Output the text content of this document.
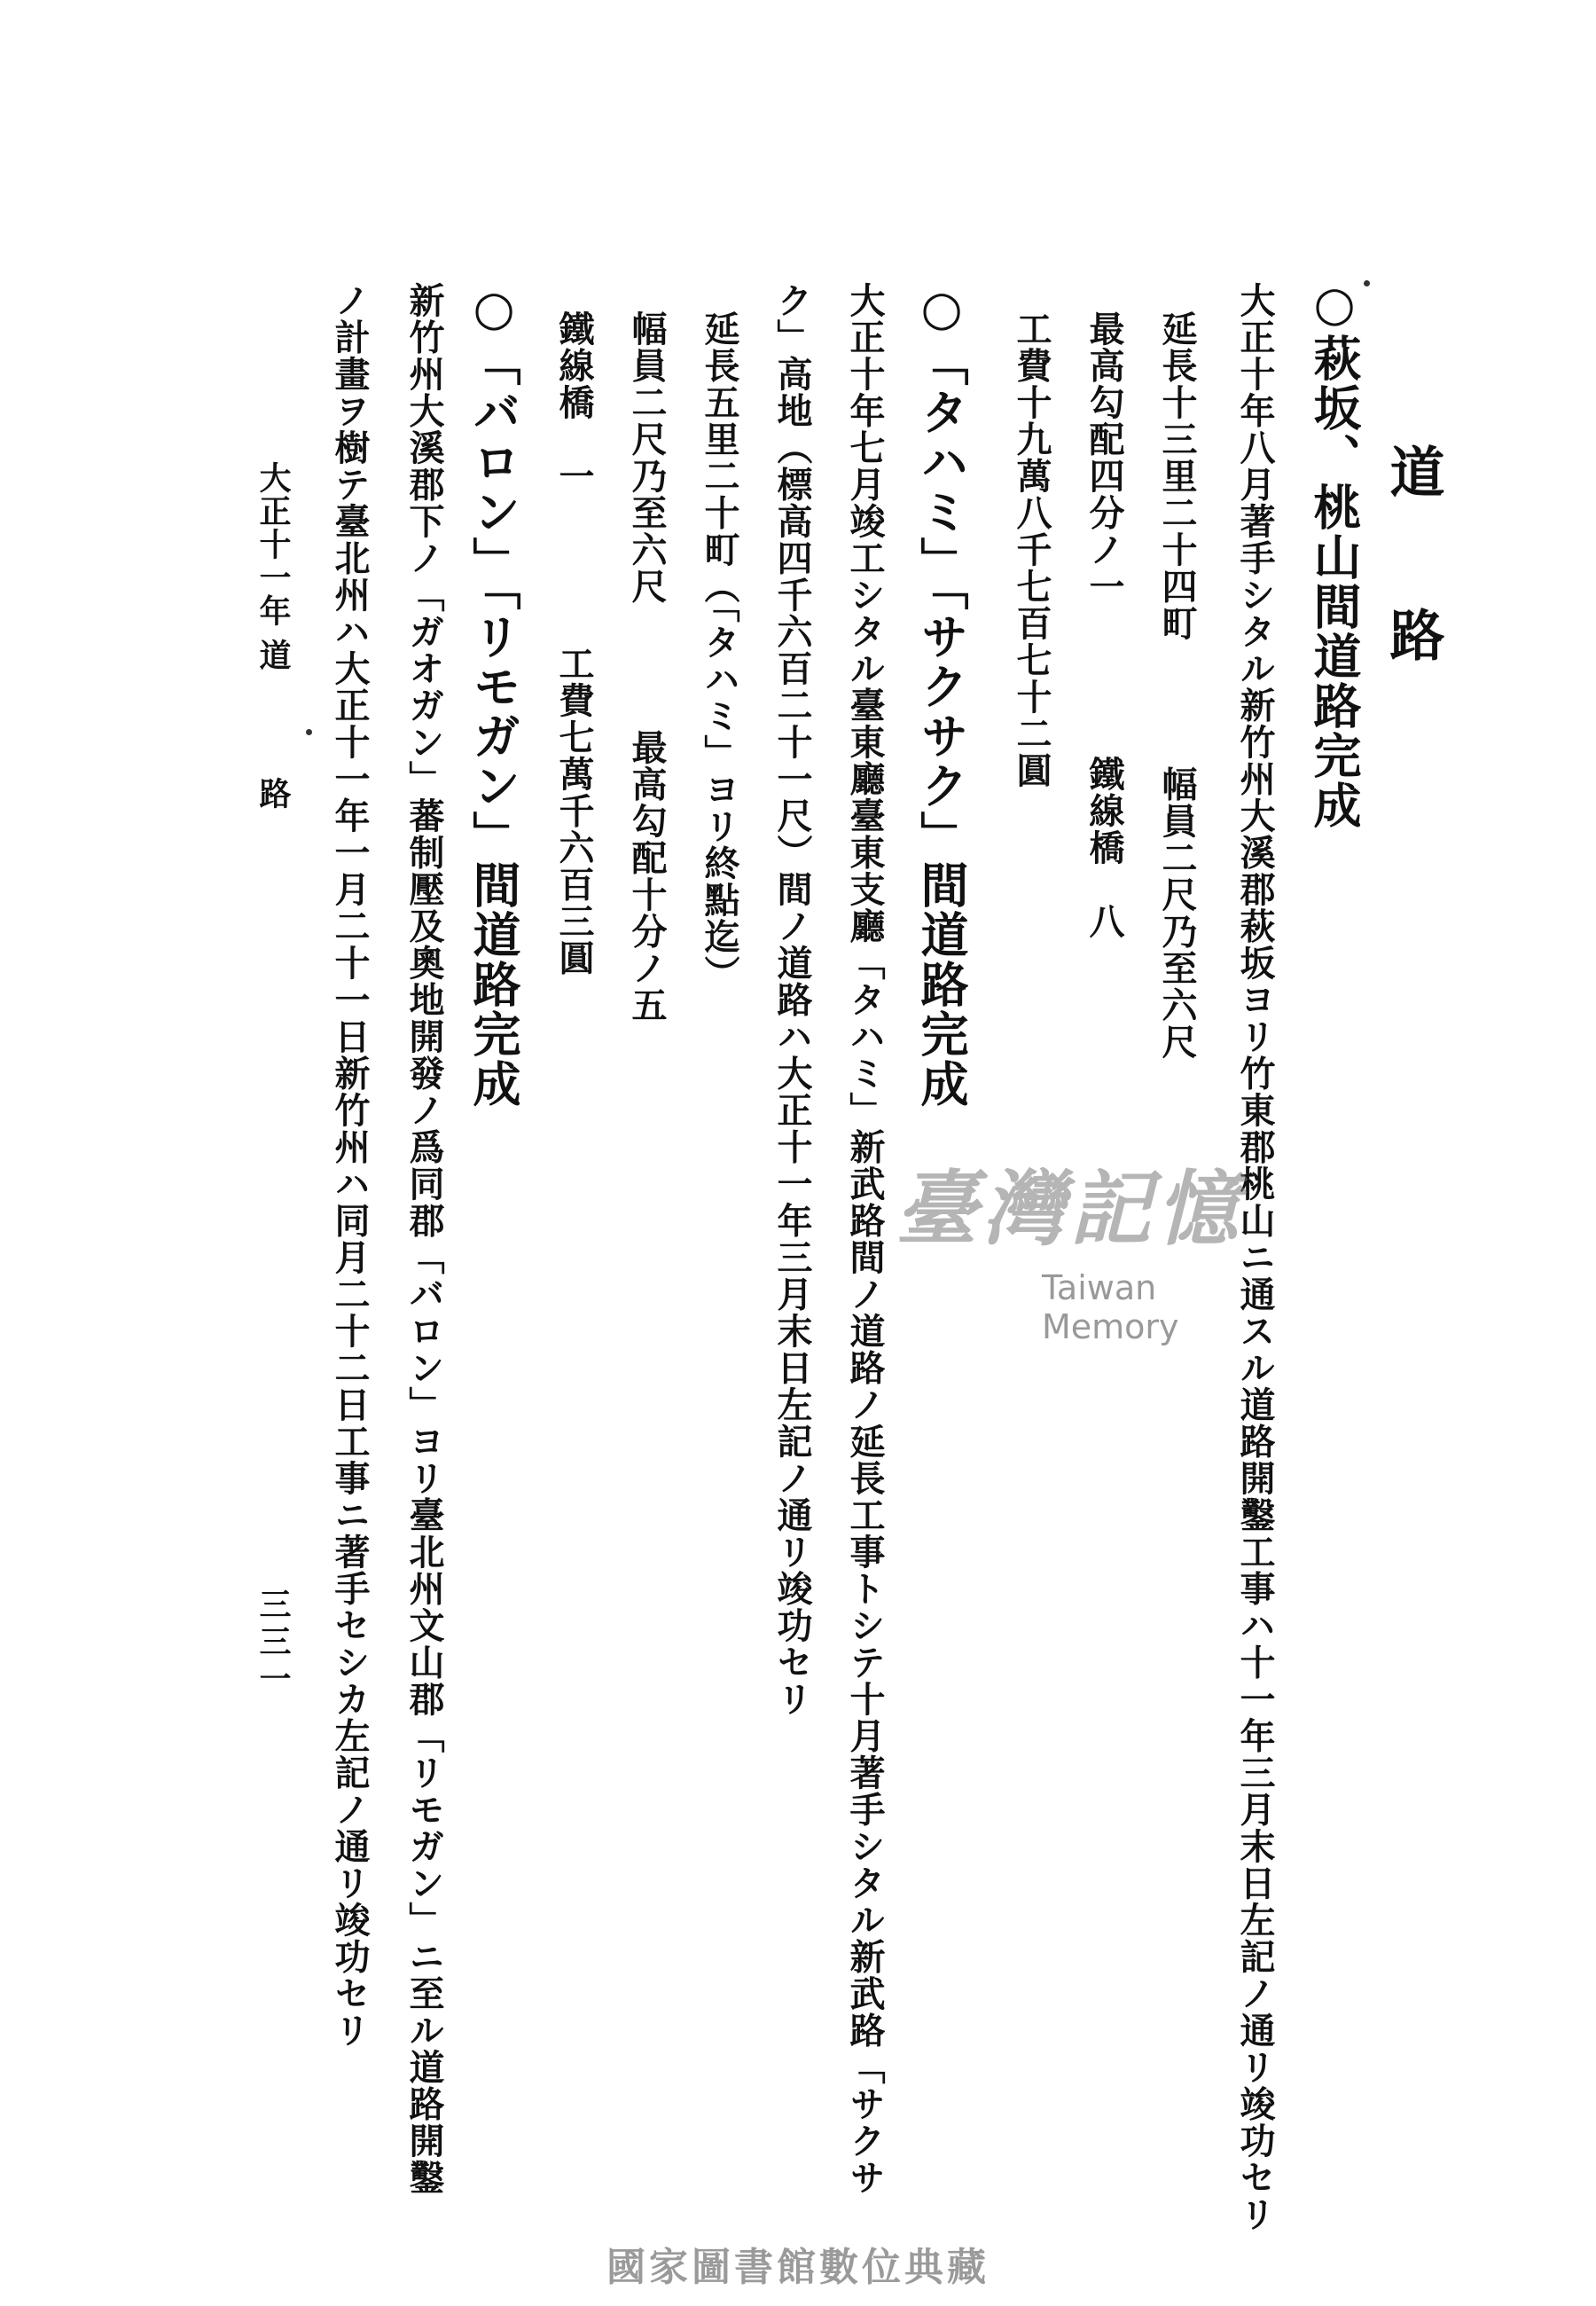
道　路
○萩坂、桃山間道路完成
大正十年八月著手シタル新竹州大溪郡萩坂ヨリ竹東郡桃山ニ通スル道路開鑿工事ハ十一年三月末日左記ノ通リ竣功セリ
延長十三里二十四町幅員二尺乃至六尺
最高勾配四分ノ一鐵線橋　八
工費十九萬八千七百七十二圓
○「タハミ」「サクサク」間道路完成
大正十年七月竣工シタル臺東廳臺東支廳「タハミ」新武路間ノ道路ノ延長工事トシテ十月著手シタル新武路「サクサ
ク」高地（標高四千六百二十一尺）間ノ道路ハ大正十一年三月末日左記ノ通リ竣功セリ
延長五里二十町（「タハミ」ヨリ終點迄）
幅員二尺乃至六尺最高勾配十分ノ五
鐵線橋　一工費七萬千六百三圓
○「バロン」「リモガン」間道路完成
新竹州大溪郡下ノ「ガオガン」蕃制壓及奧地開發ノ爲同郡「バロン」ヨリ臺北州文山郡「リモガン」ニ至ル道路開鑿
ノ計畫ヲ樹テ臺北州ハ大正十一年一月二十一日新竹州ハ同月二十二日工事ニ著手セシカ左記ノ通リ竣功セリ
大正十一年
道　　路
三三一
臺灣記憶
Taiwan Memory
國家圖書館數位典藏
